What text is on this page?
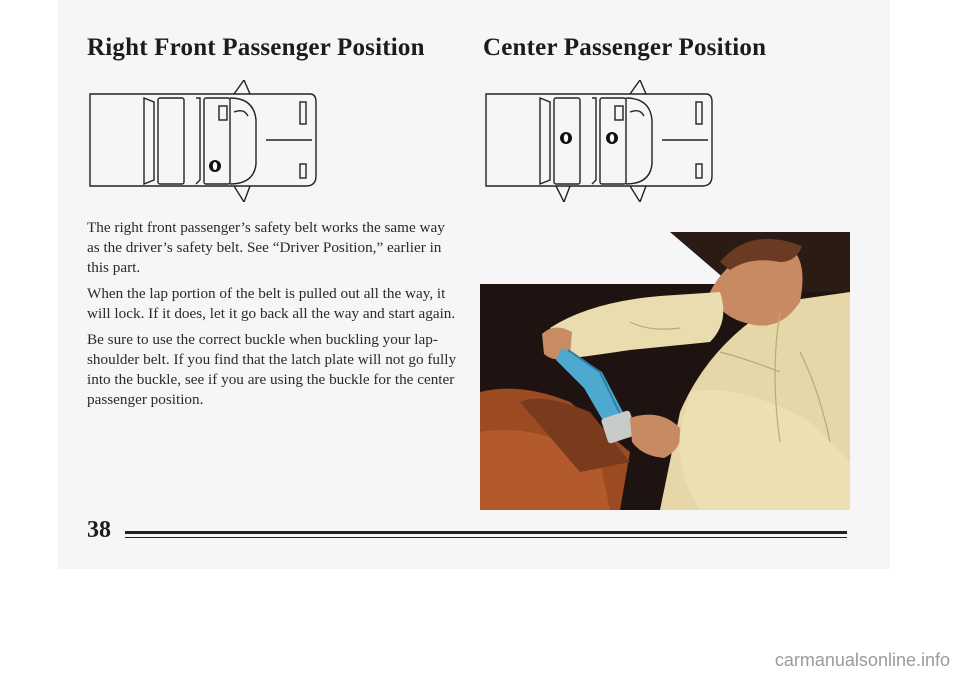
Right Front Passenger Position Center Passenger Position

The right front passenger’s safety belt works the same way as the driver’s safety belt. See “Driver Position,” earlier in this part.

When the lap portion of the belt is pulled out all the way, it will lock. If it does, let it go back all the way and start again.

Be sure to use the correct buckle when buckling your lap-shoulder belt. If you find that the latch plate will not go fully into the buckle, see if you are using the buckle for the center passenger position.

38
carmanualsonline.info
